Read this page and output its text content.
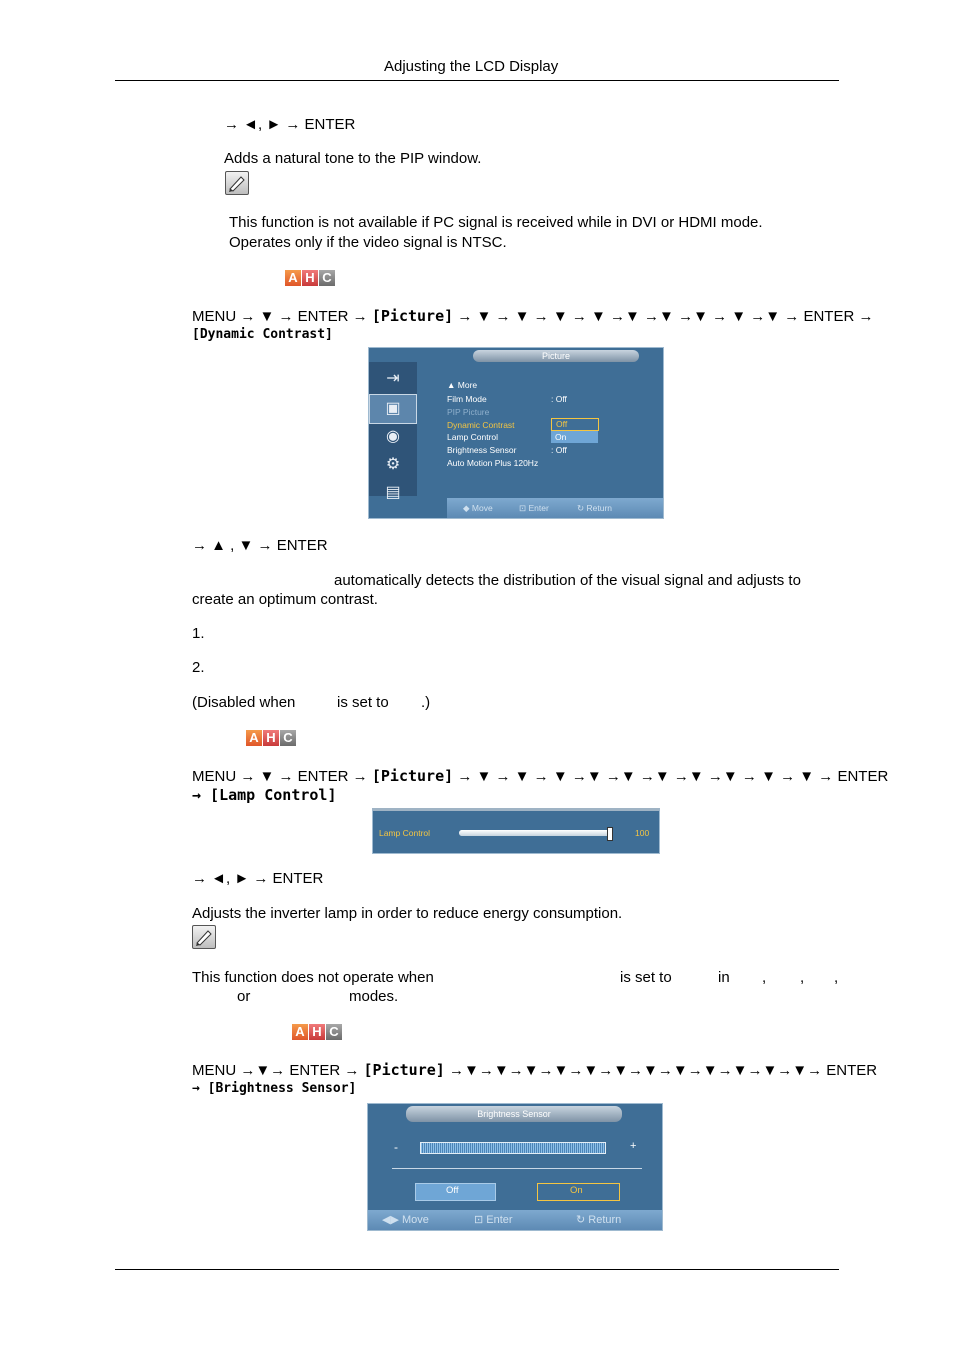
Adjusting the LCD Display
→ ◄, ► → ENTER
Adds a natural tone to the PIP window.
This function is not available if PC signal is received while in DVI or HDMI mode.
Operates only if the video signal is NTSC.
A H C
MENU → ▼ → ENTER → [Picture] → ▼ → ▼ → ▼ → ▼ →▼ →▼ →▼ → ▼ →▼ → ENTER →
[Dynamic Contrast]
Picture
⇥
▣
◉
⚙
▤
▲ More
Film Mode	: Off
PIP Picture
Dynamic Contrast
Lamp Control
Brightness Sensor	: Off
Auto Motion Plus 120Hz
Off
On
◆ Move	⊡ Enter	↻ Return
→ ▲ , ▼ → ENTER
automatically detects the distribution of the visual signal and adjusts to
create an optimum contrast.
1.
2.
(Disabled when	is set to .)
A H C
MENU → ▼ → ENTER → [Picture] → ▼ → ▼ → ▼ →▼ →▼ →▼ →▼ →▼ → ▼ → ▼ → ENTER
→ [Lamp Control]
Lamp Control	100
→ ◄, ► → ENTER
Adjusts the inverter lamp in order to reduce energy consumption.
This function does not operate when	is set to	in , , ,
or	modes.
A H C
MENU →▼→ ENTER → [Picture] →▼→▼→▼→▼→▼→▼→▼→▼→▼→▼→▼→▼→ ENTER
→ [Brightness Sensor]
Brightness Sensor
-	+
Off	On
◀▶ Move	⊡ Enter	↻ Return
